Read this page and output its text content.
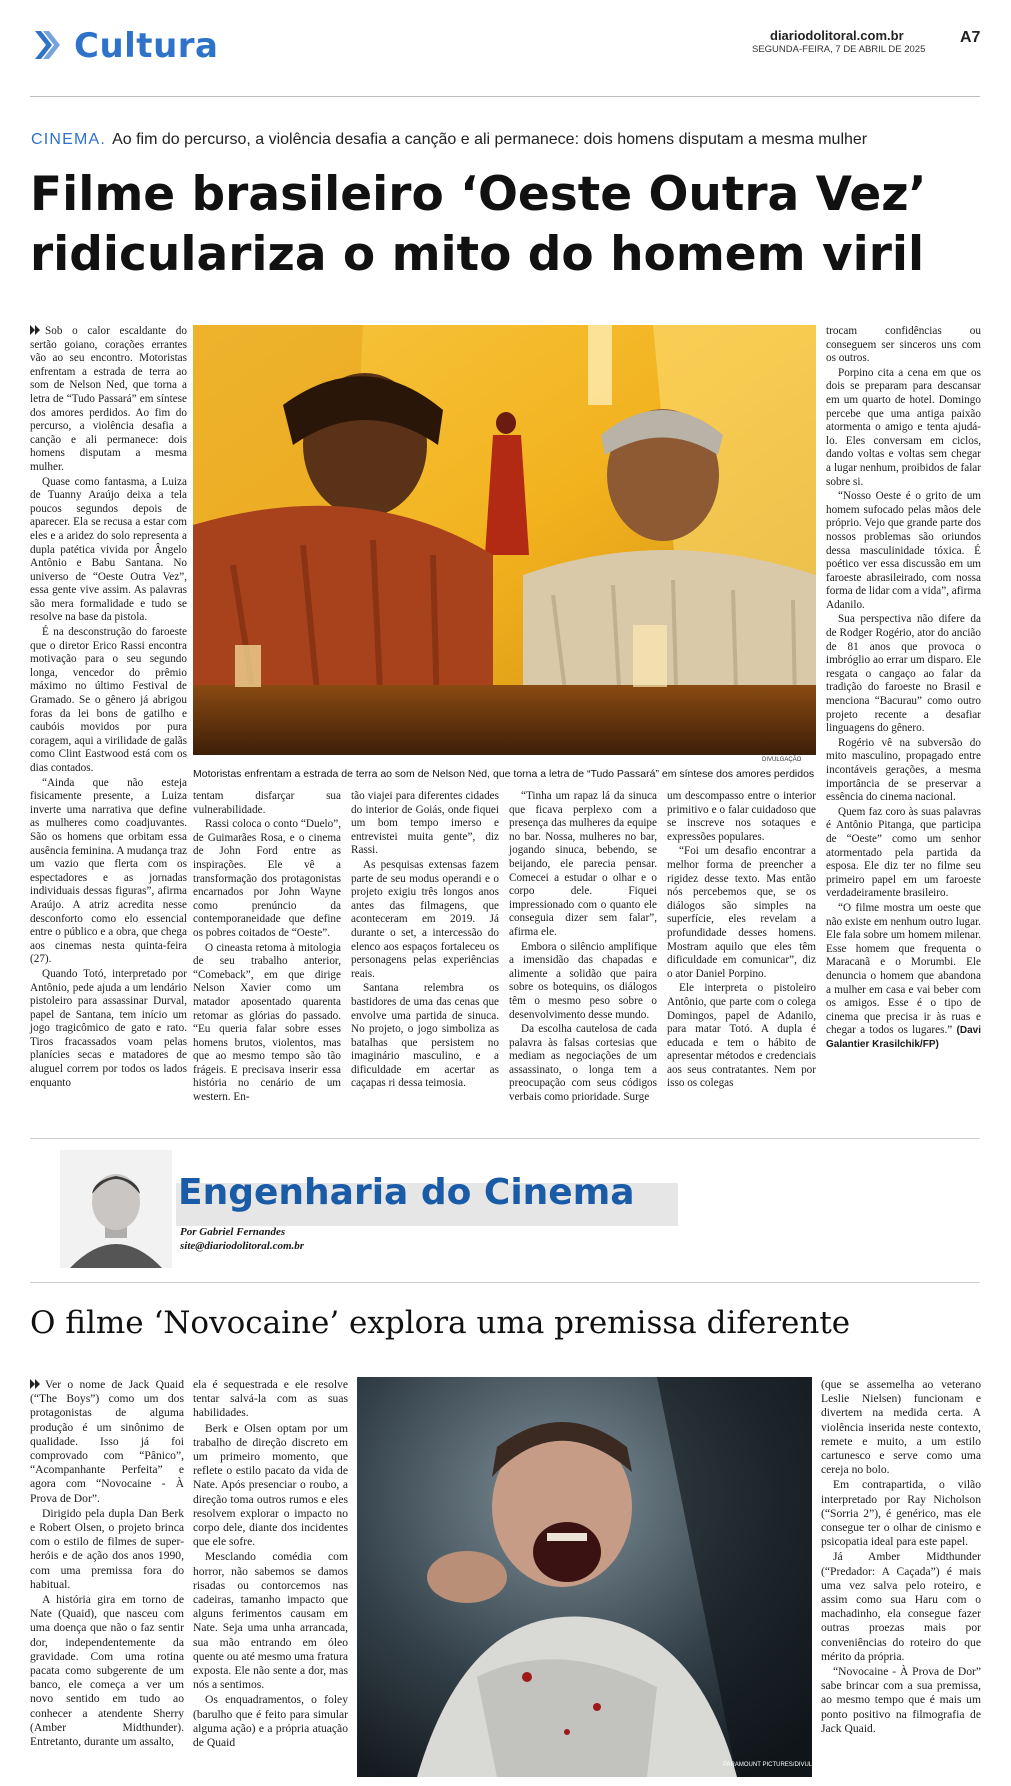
Cultura	diariodolitoral.com.br
SEGUNDA-FEIRA, 7 DE ABRIL DE 2025
A7
CINEMA. Ao fim do percurso, a violência desafia a canção e ali permanece: dois homens disputam a mesma mulher
Filme brasileiro ‘Oeste Outra Vez’ ridiculariza o mito do homem viril

Sob o calor escaldante do sertão goiano, corações errantes vão ao seu encontro. Motoristas enfrentam a estrada de terra ao som de Nelson Ned, que torna a letra de “Tudo Passará” em síntese dos amores perdidos. Ao fim do percurso, a violência desafia a canção e ali permanece: dois homens disputam a mesma mulher.

Quase como fantasma, a Luiza de Tuanny Araújo deixa a tela poucos segundos depois de aparecer. Ela se recusa a estar com eles e a aridez do solo representa a dupla patética vivida por Ângelo Antônio e Babu Santana. No universo de “Oeste Outra Vez”, essa gente vive assim. As palavras são mera formalidade e tudo se resolve na base da pistola.

É na desconstrução do faroeste que o diretor Erico Rassi encontra motivação para o seu segundo longa, vencedor do prêmio máximo no último Festival de Gramado. Se o gênero já abrigou foras da lei bons de gatilho e caubóis movidos por pura coragem, aqui a virilidade de galãs como Clint Eastwood está com os dias contados.

“Ainda que não esteja fisicamente presente, a Luiza inverte uma narrativa que define as mulheres como coadjuvantes. São os homens que orbitam essa ausência feminina. A mudança traz um vazio que flerta com os espectadores e as jornadas individuais dessas figuras”, afirma Araújo. A atriz acredita nesse desconforto como elo essencial entre o público e a obra, que chega aos cinemas nesta quinta-feira (27).

Quando Totó, interpretado por Antônio, pede ajuda a um lendário pistoleiro para assassinar Durval, papel de Santana, tem início um jogo tragicômico de gato e rato. Tiros fracassados voam pelas planícies secas e matadores de aluguel correm por todos os lados enquanto

DIVULGAÇÃO
Motoristas enfrentam a estrada de terra ao som de Nelson Ned, que torna a letra de “Tudo Passará” em síntese dos amores perdidos

tentam disfarçar sua vulnerabilidade.

Rassi coloca o conto “Duelo”, de Guimarães Rosa, e o cinema de John Ford entre as inspirações. Ele vê a transformação dos protagonistas encarnados por John Wayne como prenúncio da contemporaneidade que define os pobres coitados de “Oeste”.

O cineasta retoma à mitologia de seu trabalho anterior, “Comeback”, em que dirige Nelson Xavier como um matador aposentado quarenta retomar as glórias do passado. “Eu queria falar sobre esses homens brutos, violentos, mas que ao mesmo tempo são tão frágeis. E precisava inserir essa história no cenário de um western. En-

tão viajei para diferentes cidades do interior de Goiás, onde fiquei um bom tempo imerso e entrevistei muita gente”, diz Rassi.

As pesquisas extensas fazem parte de seu modus operandi e o projeto exigiu três longos anos antes das filmagens, que aconteceram em 2019. Já durante o set, a intercessão do elenco aos espaços fortaleceu os personagens pelas experiências reais.

Santana relembra os bastidores de uma das cenas que envolve uma partida de sinuca. No projeto, o jogo simboliza as batalhas que persistem no imaginário masculino, e a dificuldade em acertar as caçapas ri dessa teimosia.

“Tinha um rapaz lá da sinuca que ficava perplexo com a presença das mulheres da equipe no bar. Nossa, mulheres no bar, jogando sinuca, bebendo, se beijando, ele parecia pensar. Comecei a estudar o olhar e o corpo dele. Fiquei impressionado com o quanto ele conseguia dizer sem falar”, afirma ele.

Embora o silêncio amplifique a imensidão das chapadas e alimente a solidão que paira sobre os botequins, os diálogos têm o mesmo peso sobre o desenvolvimento desse mundo.

Da escolha cautelosa de cada palavra às falsas cortesias que mediam as negociações de um assassinato, o longa tem a preocupação com seus códigos verbais como prioridade. Surge

um descompasso entre o interior primitivo e o falar cuidadoso que se inscreve nos sotaques e expressões populares.

“Foi um desafio encontrar a melhor forma de preencher a rigidez desse texto. Mas então nós percebemos que, se os diálogos são simples na superfície, eles revelam a profundidade desses homens. Mostram aquilo que eles têm dificuldade em comunicar”, diz o ator Daniel Porpino.

Ele interpreta o pistoleiro Antônio, que parte com o colega Domingos, papel de Adanilo, para matar Totó. A dupla é educada e tem o hábito de apresentar métodos e credenciais aos seus contratantes. Nem por isso os colegas

trocam confidências ou conseguem ser sinceros uns com os outros.

Porpino cita a cena em que os dois se preparam para descansar em um quarto de hotel. Domingo percebe que uma antiga paixão atormenta o amigo e tenta ajudá-lo. Eles conversam em ciclos, dando voltas e voltas sem chegar a lugar nenhum, proibidos de falar sobre si.

“Nosso Oeste é o grito de um homem sufocado pelas mãos dele próprio. Vejo que grande parte dos nossos problemas são oriundos dessa masculinidade tóxica. É poético ver essa discussão em um faroeste abrasileirado, com nossa forma de lidar com a vida”, afirma Adanilo.

Sua perspectiva não difere da de Rodger Rogério, ator do ancião de 81 anos que provoca o imbróglio ao errar um disparo. Ele resgata o cangaço ao falar da tradição do faroeste no Brasil e menciona “Bacurau” como outro projeto recente a desafiar linguagens do gênero.

Rogério vê na subversão do mito masculino, propagado entre incontáveis gerações, a mesma importância de se preservar a essência do cinema nacional.

Quem faz coro às suas palavras é Antônio Pitanga, que participa de “Oeste” como um senhor atormentado pela partida da esposa. Ele diz ter no filme seu primeiro papel em um faroeste verdadeiramente brasileiro.

“O filme mostra um oeste que não existe em nenhum outro lugar. Ele fala sobre um homem milenar. Esse homem que frequenta o Maracanã e o Morumbi. Ele denuncia o homem que abandona a mulher em casa e vai beber com os amigos. Esse é o tipo de cinema que precisa ir às ruas e chegar a todos os lugares.” (Davi Galantier Krasilchik/FP)

Engenharia do Cinema
Por Gabriel Fernandes
site@diariodolitoral.com.br
O filme ‘Novocaine’ explora uma premissa diferente

Ver o nome de Jack Quaid (“The Boys”) como um dos protagonistas de alguma produção é um sinônimo de qualidade. Isso já foi comprovado com “Pânico”, “Acompanhante Perfeita” e agora com “Novocaine - À Prova de Dor”.

Dirigido pela dupla Dan Berk e Robert Olsen, o projeto brinca com o estilo de filmes de super-heróis e de ação dos anos 1990, com uma premissa fora do habitual.

A história gira em torno de Nate (Quaid), que nasceu com uma doença que não o faz sentir dor, independentemente da gravidade. Com uma rotina pacata como subgerente de um banco, ele começa a ver um novo sentido em tudo ao conhecer a atendente Sherry (Amber Midthunder). Entretanto, durante um assalto,

ela é sequestrada e ele resolve tentar salvá-la com as suas habilidades.

Berk e Olsen optam por um trabalho de direção discreto em um primeiro momento, que reflete o estilo pacato da vida de Nate. Após presenciar o roubo, a direção toma outros rumos e eles resolvem explorar o impacto no corpo dele, diante dos incidentes que ele sofre.

Mesclando comédia com horror, não sabemos se damos risadas ou contorcemos nas cadeiras, tamanho impacto que alguns ferimentos causam em Nate. Seja uma unha arrancada, sua mão entrando em óleo quente ou até mesmo uma fratura exposta. Ele não sente a dor, mas nós a sentimos.

Os enquadramentos, o foley (barulho que é feito para simular alguma ação) e a própria atuação de Quaid

PARAMOUNT PICTURES/DIVULGAÇÃO

(que se assemelha ao veterano Leslie Nielsen) funcionam e divertem na medida certa. A violência inserida neste contexto, remete e muito, a um estilo cartunesco e serve como uma cereja no bolo.

Em contrapartida, o vilão interpretado por Ray Nicholson (“Sorria 2”), é genérico, mas ele consegue ter o olhar de cinismo e psicopatia ideal para este papel.

Já Amber Midthunder (“Predador: A Caçada”) é mais uma vez salva pelo roteiro, e assim como sua Haru com o machadinho, ela consegue fazer outras proezas mais por conveniências do roteiro do que mérito da própria.

“Novocaine - À Prova de Dor” sabe brincar com a sua premissa, ao mesmo tempo que é mais um ponto positivo na filmografia de Jack Quaid.
